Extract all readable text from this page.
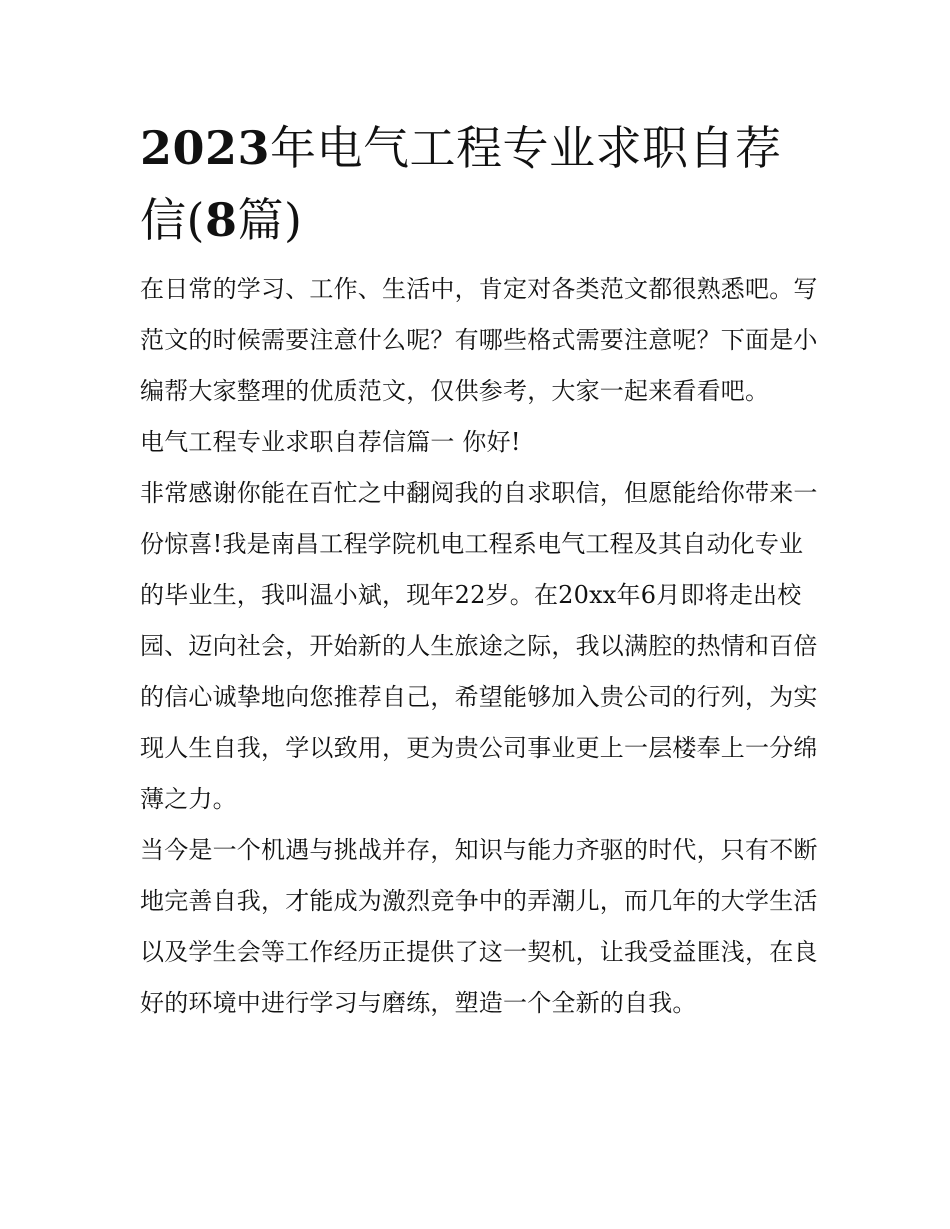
2023年电气工程专业求职自荐信(8篇)

在日常的学习、工作、生活中，肯定对各类范文都很熟悉吧。写范文的时候需要注意什么呢？有哪些格式需要注意呢？下面是小编帮大家整理的优质范文，仅供参考，大家一起来看看吧。

电气工程专业求职自荐信篇一 你好!

非常感谢你能在百忙之中翻阅我的自求职信，但愿能给你带来一份惊喜!我是南昌工程学院机电工程系电气工程及其自动化专业的毕业生，我叫温小斌，现年22岁。在20xx年6月即将走出校园、迈向社会，开始新的人生旅途之际，我以满腔的热情和百倍的信心诚挚地向您推荐自己，希望能够加入贵公司的行列，为实现人生自我，学以致用，更为贵公司事业更上一层楼奉上一分绵薄之力。

当今是一个机遇与挑战并存，知识与能力齐驱的时代，只有不断地完善自我，才能成为激烈竞争中的弄潮儿，而几年的大学生活以及学生会等工作经历正提供了这一契机，让我受益匪浅，在良好的环境中进行学习与磨练，塑造一个全新的自我。
